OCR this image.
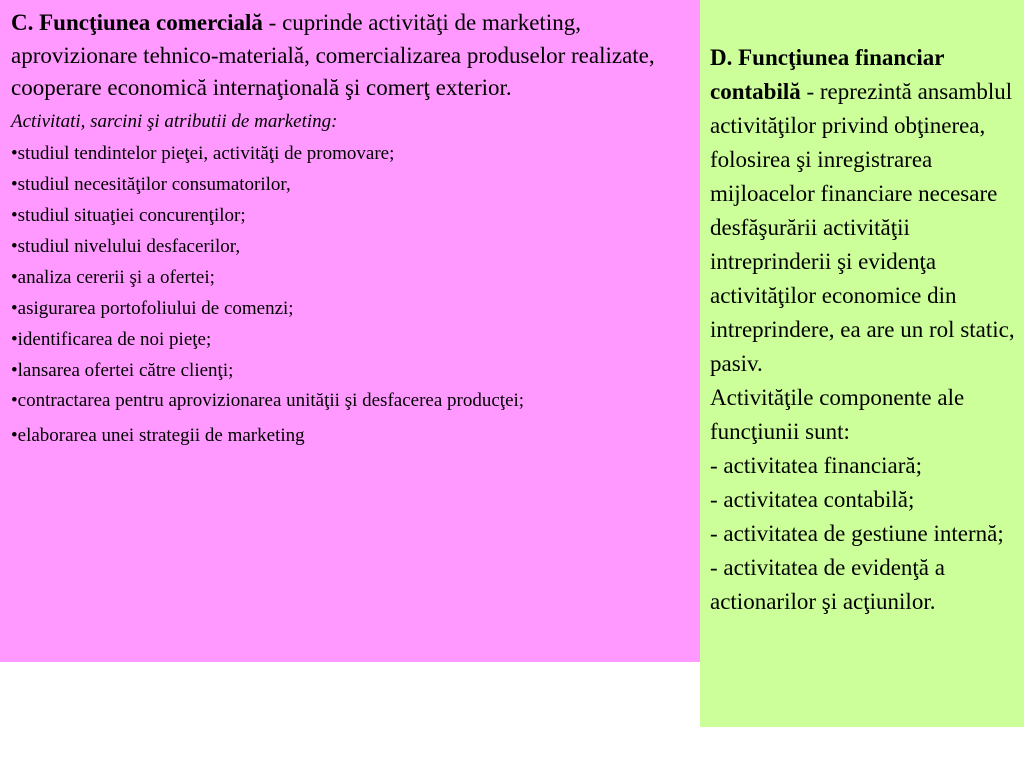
C. Funcţiunea comercială - cuprinde activităţi de marketing, aprovizionare tehnico-materialǎ, comercializarea produselor realizate, cooperare economică internaţională şi comerţ exterior.

Activitati, sarcini şi atributii de marketing:

•studiul tendintelor pieţei, activităţi de promovare;
•studiul necesităţilor consumatorilor,
•studiul situaţiei concurenţilor;
•studiul nivelului desfacerilor,
•analiza cererii şi a ofertei;
•asigurarea portofoliului de comenzi;
•identificarea de noi pieţe;
•lansarea ofertei către clienţi;
•contractarea pentru aprovizionarea unităţii şi desfacerea producţei;
•elaborarea unei strategii de marketing

D. Funcţiunea financiar contabilă - reprezintă ansamblul activităţilor privind obţinerea, folosirea şi inregistrarea mijloacelor financiare necesare desfăşurării activităţii intreprinderii şi evidenţa activităţilor economice din intreprindere, ea are un rol static, pasiv.

Activităţile componente ale funcţiunii sunt:

- activitatea financiară;
- activitatea contabilă;
- activitatea de gestiune internă;
- activitatea de evidenţă a actionarilor şi acţiunilor.
